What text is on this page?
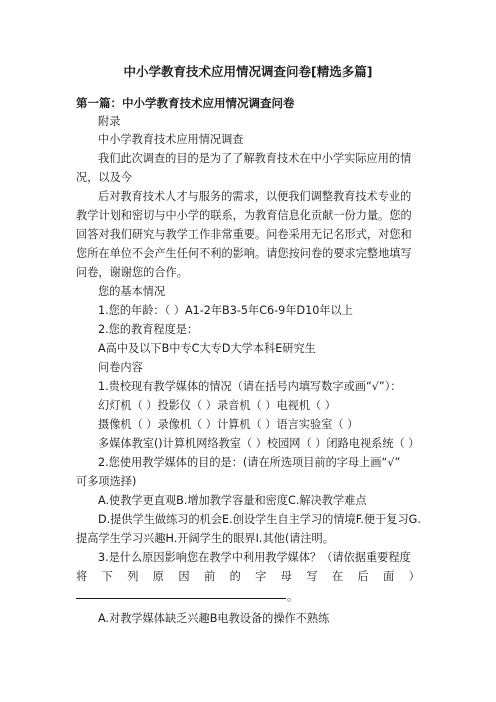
中小学教育技术应用情况调查问卷[精选多篇]
第一篇：中小学教育技术应用情况调查问卷
附录
中小学教育技术应用情况调查
我们此次调查的目的是为了了解教育技术在中小学实际应用的情
况，以及今
后对教育技术人才与服务的需求，以便我们调整教育技术专业的
教学计划和密切与中小学的联系，为教育信息化贡献一份力量。您的
回答对我们研究与教学工作非常重要。问卷采用无记名形式，对您和
您所在单位不会产生任何不利的影响。请您按问卷的要求完整地填写
问卷，谢谢您的合作。
您的基本情况
1.您的年龄：（ ）A1-2年B3-5年C6-9年D10年以上
2.您的教育程度是：
A高中及以下B中专C大专D大学本科E研究生
问卷内容
1.贵校现有教学媒体的情况（请在括号内填写数字或画“√”）：
幻灯机（ ）投影仪（ ）录音机（ ）电视机（ ）
摄像机（ ）录像机（ ）计算机（ ）语言实验室（ ）
多媒体教室()计算机网络教室（ ）校园网（ ）闭路电视系统（ ）
2.您使用教学媒体的目的是：(请在所选项目前的字母上画“√”
可多项选择)
A.使教学更直观B.增加教学容量和密度C.解决教学难点
D.提供学生做练习的机会E.创设学生自主学习的情境F.便于复习G.
提高学生学习兴趣H.开阔学生的眼界I.其他(请注明。
3.是什么原因影响您在教学中利用教学媒体？（请依据重要程度
将 下 列 原 因 前 的 字 母 写 在 后 面 ）
。
A.对教学媒体缺乏兴趣B电教设备的操作不熟练
